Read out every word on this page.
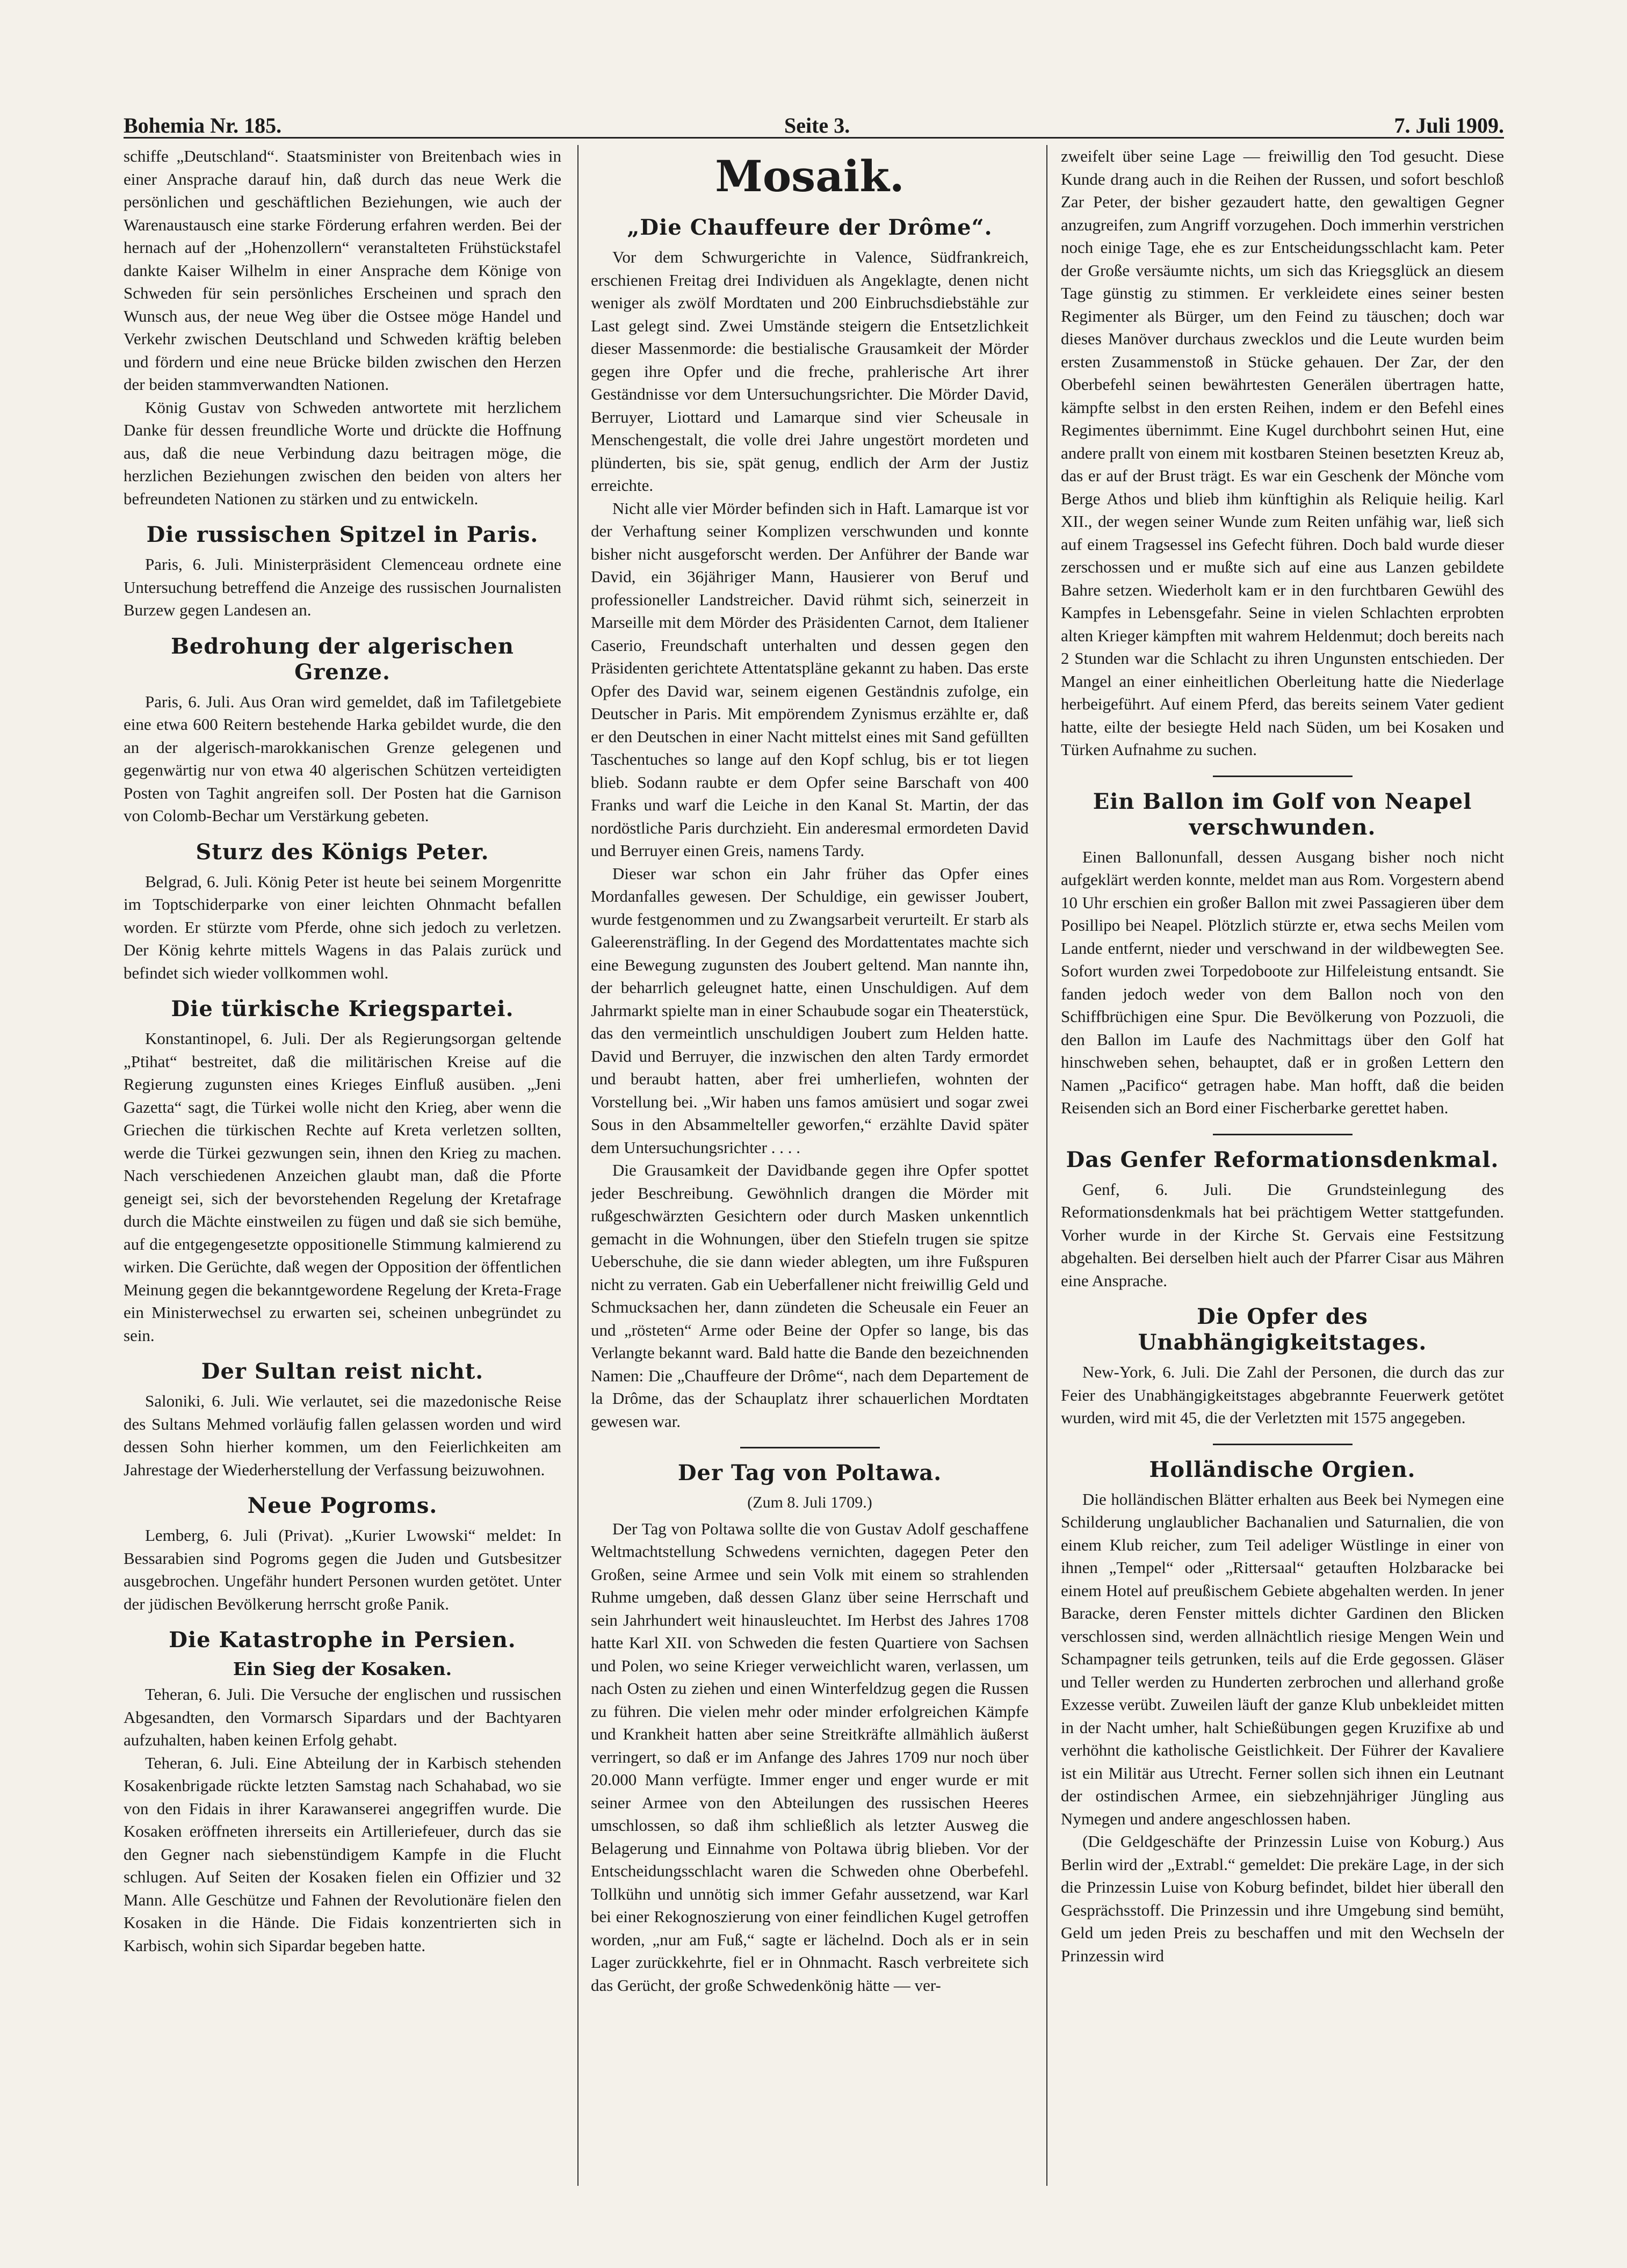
Bohemia Nr. 185.	Seite 3.	7. Juli 1909.

schiffe „Deutschland“. Staatsminister von Breitenbach wies in einer Ansprache darauf hin, daß durch das neue Werk die persönlichen und geschäftlichen Beziehungen, wie auch der Warenaustausch eine starke Förderung erfahren werden. Bei der hernach auf der „Hohenzollern“ veranstalteten Frühstückstafel dankte Kaiser Wilhelm in einer Ansprache dem Könige von Schweden für sein persönliches Erscheinen und sprach den Wunsch aus, der neue Weg über die Ostsee möge Handel und Verkehr zwischen Deutschland und Schweden kräftig beleben und fördern und eine neue Brücke bilden zwischen den Herzen der beiden stammverwandten Nationen.

König Gustav von Schweden antwortete mit herzlichem Danke für dessen freundliche Worte und drückte die Hoffnung aus, daß die neue Verbindung dazu beitragen möge, die herzlichen Beziehungen zwischen den beiden von alters her befreundeten Nationen zu stärken und zu entwickeln.

Die russischen Spitzel in Paris.

Paris, 6. Juli. Ministerpräsident Clemenceau ordnete eine Untersuchung betreffend die Anzeige des russischen Journalisten Burzew gegen Landesen an.

Bedrohung der algerischen Grenze.

Paris, 6. Juli. Aus Oran wird gemeldet, daß im Tafiletgebiete eine etwa 600 Reitern bestehende Harka gebildet wurde, die den an der algerisch-marokkanischen Grenze gelegenen und gegenwärtig nur von etwa 40 algerischen Schützen verteidigten Posten von Taghit angreifen soll. Der Posten hat die Garnison von Colomb-Bechar um Verstärkung gebeten.

Sturz des Königs Peter.

Belgrad, 6. Juli. König Peter ist heute bei seinem Morgenritte im Toptschiderparke von einer leichten Ohnmacht befallen worden. Er stürzte vom Pferde, ohne sich jedoch zu verletzen. Der König kehrte mittels Wagens in das Palais zurück und befindet sich wieder vollkommen wohl.

Die türkische Kriegspartei.

Konstantinopel, 6. Juli. Der als Regierungsorgan geltende „Ptihat“ bestreitet, daß die militärischen Kreise auf die Regierung zugunsten eines Krieges Einfluß ausüben. „Jeni Gazetta“ sagt, die Türkei wolle nicht den Krieg, aber wenn die Griechen die türkischen Rechte auf Kreta verletzen sollten, werde die Türkei gezwungen sein, ihnen den Krieg zu machen. Nach verschiedenen Anzeichen glaubt man, daß die Pforte geneigt sei, sich der bevorstehenden Regelung der Kretafrage durch die Mächte einstweilen zu fügen und daß sie sich bemühe, auf die entgegengesetzte oppositionelle Stimmung kalmierend zu wirken. Die Gerüchte, daß wegen der Opposition der öffentlichen Meinung gegen die bekanntgewordene Regelung der Kreta-Frage ein Ministerwechsel zu erwarten sei, scheinen unbegründet zu sein.

Der Sultan reist nicht.

Saloniki, 6. Juli. Wie verlautet, sei die mazedonische Reise des Sultans Mehmed vorläufig fallen gelassen worden und wird dessen Sohn hierher kommen, um den Feierlichkeiten am Jahrestage der Wiederherstellung der Verfassung beizuwohnen.

Neue Pogroms.

Lemberg, 6. Juli (Privat). „Kurier Lwowski“ meldet: In Bessarabien sind Pogroms gegen die Juden und Gutsbesitzer ausgebrochen. Ungefähr hundert Personen wurden getötet. Unter der jüdischen Bevölkerung herrscht große Panik.

Die Katastrophe in Persien.
Ein Sieg der Kosaken.

Teheran, 6. Juli. Die Versuche der englischen und russischen Abgesandten, den Vormarsch Sipardars und der Bachtyaren aufzuhalten, haben keinen Erfolg gehabt.

Teheran, 6. Juli. Eine Abteilung der in Karbisch stehenden Kosakenbrigade rückte letzten Samstag nach Schahabad, wo sie von den Fidais in ihrer Karawanserei angegriffen wurde. Die Kosaken eröffneten ihrerseits ein Artilleriefeuer, durch das sie den Gegner nach siebenstündigem Kampfe in die Flucht schlugen. Auf Seiten der Kosaken fielen ein Offizier und 32 Mann. Alle Geschütze und Fahnen der Revolutionäre fielen den Kosaken in die Hände. Die Fidais konzentrierten sich in Karbisch, wohin sich Sipardar begeben hatte.

Mosaik.
„Die Chauffeure der Drôme“.

Vor dem Schwurgerichte in Valence, Südfrankreich, erschienen Freitag drei Individuen als Angeklagte, denen nicht weniger als zwölf Mordtaten und 200 Einbruchsdiebstähle zur Last gelegt sind. Zwei Umstände steigern die Entsetzlichkeit dieser Massenmorde: die bestialische Grausamkeit der Mörder gegen ihre Opfer und die freche, prahlerische Art ihrer Geständnisse vor dem Untersuchungsrichter. Die Mörder David, Berruyer, Liottard und Lamarque sind vier Scheusale in Menschengestalt, die volle drei Jahre ungestört mordeten und plünderten, bis sie, spät genug, endlich der Arm der Justiz erreichte.

Nicht alle vier Mörder befinden sich in Haft. Lamarque ist vor der Verhaftung seiner Komplizen verschwunden und konnte bisher nicht ausgeforscht werden. Der Anführer der Bande war David, ein 36jähriger Mann, Hausierer von Beruf und professioneller Landstreicher. David rühmt sich, seinerzeit in Marseille mit dem Mörder des Präsidenten Carnot, dem Italiener Caserio, Freundschaft unterhalten und dessen gegen den Präsidenten gerichtete Attentatspläne gekannt zu haben. Das erste Opfer des David war, seinem eigenen Geständnis zufolge, ein Deutscher in Paris. Mit empörendem Zynismus erzählte er, daß er den Deutschen in einer Nacht mittelst eines mit Sand gefüllten Taschentuches so lange auf den Kopf schlug, bis er tot liegen blieb. Sodann raubte er dem Opfer seine Barschaft von 400 Franks und warf die Leiche in den Kanal St. Martin, der das nordöstliche Paris durchzieht. Ein anderesmal ermordeten David und Berruyer einen Greis, namens Tardy.

Dieser war schon ein Jahr früher das Opfer eines Mordanfalles gewesen. Der Schuldige, ein gewisser Joubert, wurde festgenommen und zu Zwangsarbeit verurteilt. Er starb als Galeerensträfling. In der Gegend des Mordattentates machte sich eine Bewegung zugunsten des Joubert geltend. Man nannte ihn, der beharrlich geleugnet hatte, einen Unschuldigen. Auf dem Jahrmarkt spielte man in einer Schaubude sogar ein Theaterstück, das den vermeintlich unschuldigen Joubert zum Helden hatte. David und Berruyer, die inzwischen den alten Tardy ermordet und beraubt hatten, aber frei umherliefen, wohnten der Vorstellung bei. „Wir haben uns famos amüsiert und sogar zwei Sous in den Absammelteller geworfen,“ erzählte David später dem Untersuchungsrichter . . . .

Die Grausamkeit der Davidbande gegen ihre Opfer spottet jeder Beschreibung. Gewöhnlich drangen die Mörder mit rußgeschwärzten Gesichtern oder durch Masken unkenntlich gemacht in die Wohnungen, über den Stiefeln trugen sie spitze Ueberschuhe, die sie dann wieder ablegten, um ihre Fußspuren nicht zu verraten. Gab ein Ueberfallener nicht freiwillig Geld und Schmucksachen her, dann zündeten die Scheusale ein Feuer an und „rösteten“ Arme oder Beine der Opfer so lange, bis das Verlangte bekannt ward. Bald hatte die Bande den bezeichnenden Namen: Die „Chauffeure der Drôme“, nach dem Departement de la Drôme, das der Schauplatz ihrer schauerlichen Mordtaten gewesen war.

Der Tag von Poltawa.
(Zum 8. Juli 1709.)

Der Tag von Poltawa sollte die von Gustav Adolf geschaffene Weltmachtstellung Schwedens vernichten, dagegen Peter den Großen, seine Armee und sein Volk mit einem so strahlenden Ruhme umgeben, daß dessen Glanz über seine Herrschaft und sein Jahrhundert weit hinausleuchtet. Im Herbst des Jahres 1708 hatte Karl XII. von Schweden die festen Quartiere von Sachsen und Polen, wo seine Krieger verweichlicht waren, verlassen, um nach Osten zu ziehen und einen Winterfeldzug gegen die Russen zu führen. Die vielen mehr oder minder erfolgreichen Kämpfe und Krankheit hatten aber seine Streitkräfte allmählich äußerst verringert, so daß er im Anfange des Jahres 1709 nur noch über 20.000 Mann verfügte. Immer enger und enger wurde er mit seiner Armee von den Abteilungen des russischen Heeres umschlossen, so daß ihm schließlich als letzter Ausweg die Belagerung und Einnahme von Poltawa übrig blieben. Vor der Entscheidungsschlacht waren die Schweden ohne Oberbefehl. Tollkühn und unnötig sich immer Gefahr aussetzend, war Karl bei einer Rekognoszierung von einer feindlichen Kugel getroffen worden, „nur am Fuß,“ sagte er lächelnd. Doch als er in sein Lager zurückkehrte, fiel er in Ohnmacht. Rasch verbreitete sich das Gerücht, der große Schwedenkönig hätte — ver-

zweifelt über seine Lage — freiwillig den Tod gesucht. Diese Kunde drang auch in die Reihen der Russen, und sofort beschloß Zar Peter, der bisher gezaudert hatte, den gewaltigen Gegner anzugreifen, zum Angriff vorzugehen. Doch immerhin verstrichen noch einige Tage, ehe es zur Entscheidungsschlacht kam. Peter der Große versäumte nichts, um sich das Kriegsglück an diesem Tage günstig zu stimmen. Er verkleidete eines seiner besten Regimenter als Bürger, um den Feind zu täuschen; doch war dieses Manöver durchaus zwecklos und die Leute wurden beim ersten Zusammenstoß in Stücke gehauen. Der Zar, der den Oberbefehl seinen bewährtesten Generälen übertragen hatte, kämpfte selbst in den ersten Reihen, indem er den Befehl eines Regimentes übernimmt. Eine Kugel durchbohrt seinen Hut, eine andere prallt von einem mit kostbaren Steinen besetzten Kreuz ab, das er auf der Brust trägt. Es war ein Geschenk der Mönche vom Berge Athos und blieb ihm künftighin als Reliquie heilig. Karl XII., der wegen seiner Wunde zum Reiten unfähig war, ließ sich auf einem Tragsessel ins Gefecht führen. Doch bald wurde dieser zerschossen und er mußte sich auf eine aus Lanzen gebildete Bahre setzen. Wiederholt kam er in den furchtbaren Gewühl des Kampfes in Lebensgefahr. Seine in vielen Schlachten erprobten alten Krieger kämpften mit wahrem Heldenmut; doch bereits nach 2 Stunden war die Schlacht zu ihren Ungunsten entschieden. Der Mangel an einer einheitlichen Oberleitung hatte die Niederlage herbeigeführt. Auf einem Pferd, das bereits seinem Vater gedient hatte, eilte der besiegte Held nach Süden, um bei Kosaken und Türken Aufnahme zu suchen.

Ein Ballon im Golf von Neapel verschwunden.

Einen Ballonunfall, dessen Ausgang bisher noch nicht aufgeklärt werden konnte, meldet man aus Rom. Vorgestern abend 10 Uhr erschien ein großer Ballon mit zwei Passagieren über dem Posillipo bei Neapel. Plötzlich stürzte er, etwa sechs Meilen vom Lande entfernt, nieder und verschwand in der wildbewegten See. Sofort wurden zwei Torpedoboote zur Hilfeleistung entsandt. Sie fanden jedoch weder von dem Ballon noch von den Schiffbrüchigen eine Spur. Die Bevölkerung von Pozzuoli, die den Ballon im Laufe des Nachmittags über den Golf hat hinschweben sehen, behauptet, daß er in großen Lettern den Namen „Pacifico“ getragen habe. Man hofft, daß die beiden Reisenden sich an Bord einer Fischerbarke gerettet haben.

Das Genfer Reformationsdenkmal.

Genf, 6. Juli. Die Grundsteinlegung des Reformationsdenkmals hat bei prächtigem Wetter stattgefunden. Vorher wurde in der Kirche St. Gervais eine Festsitzung abgehalten. Bei derselben hielt auch der Pfarrer Cisar aus Mähren eine Ansprache.

Die Opfer des Unabhängigkeitstages.

New-York, 6. Juli. Die Zahl der Personen, die durch das zur Feier des Unabhängigkeitstages abgebrannte Feuerwerk getötet wurden, wird mit 45, die der Verletzten mit 1575 angegeben.

Holländische Orgien.

Die holländischen Blätter erhalten aus Beek bei Nymegen eine Schilderung unglaublicher Bachanalien und Saturnalien, die von einem Klub reicher, zum Teil adeliger Wüstlinge in einer von ihnen „Tempel“ oder „Rittersaal“ getauften Holzbaracke bei einem Hotel auf preußischem Gebiete abgehalten werden. In jener Baracke, deren Fenster mittels dichter Gardinen den Blicken verschlossen sind, werden allnächtlich riesige Mengen Wein und Schampagner teils getrunken, teils auf die Erde gegossen. Gläser und Teller werden zu Hunderten zerbrochen und allerhand große Exzesse verübt. Zuweilen läuft der ganze Klub unbekleidet mitten in der Nacht umher, halt Schießübungen gegen Kruzifixe ab und verhöhnt die katholische Geistlichkeit. Der Führer der Kavaliere ist ein Militär aus Utrecht. Ferner sollen sich ihnen ein Leutnant der ostindischen Armee, ein siebzehnjähriger Jüngling aus Nymegen und andere angeschlossen haben.

(Die Geldgeschäfte der Prinzessin Luise von Koburg.) Aus Berlin wird der „Extrabl.“ gemeldet: Die prekäre Lage, in der sich die Prinzessin Luise von Koburg befindet, bildet hier überall den Gesprächsstoff. Die Prinzessin und ihre Umgebung sind bemüht, Geld um jeden Preis zu beschaffen und mit den Wechseln der Prinzessin wird
